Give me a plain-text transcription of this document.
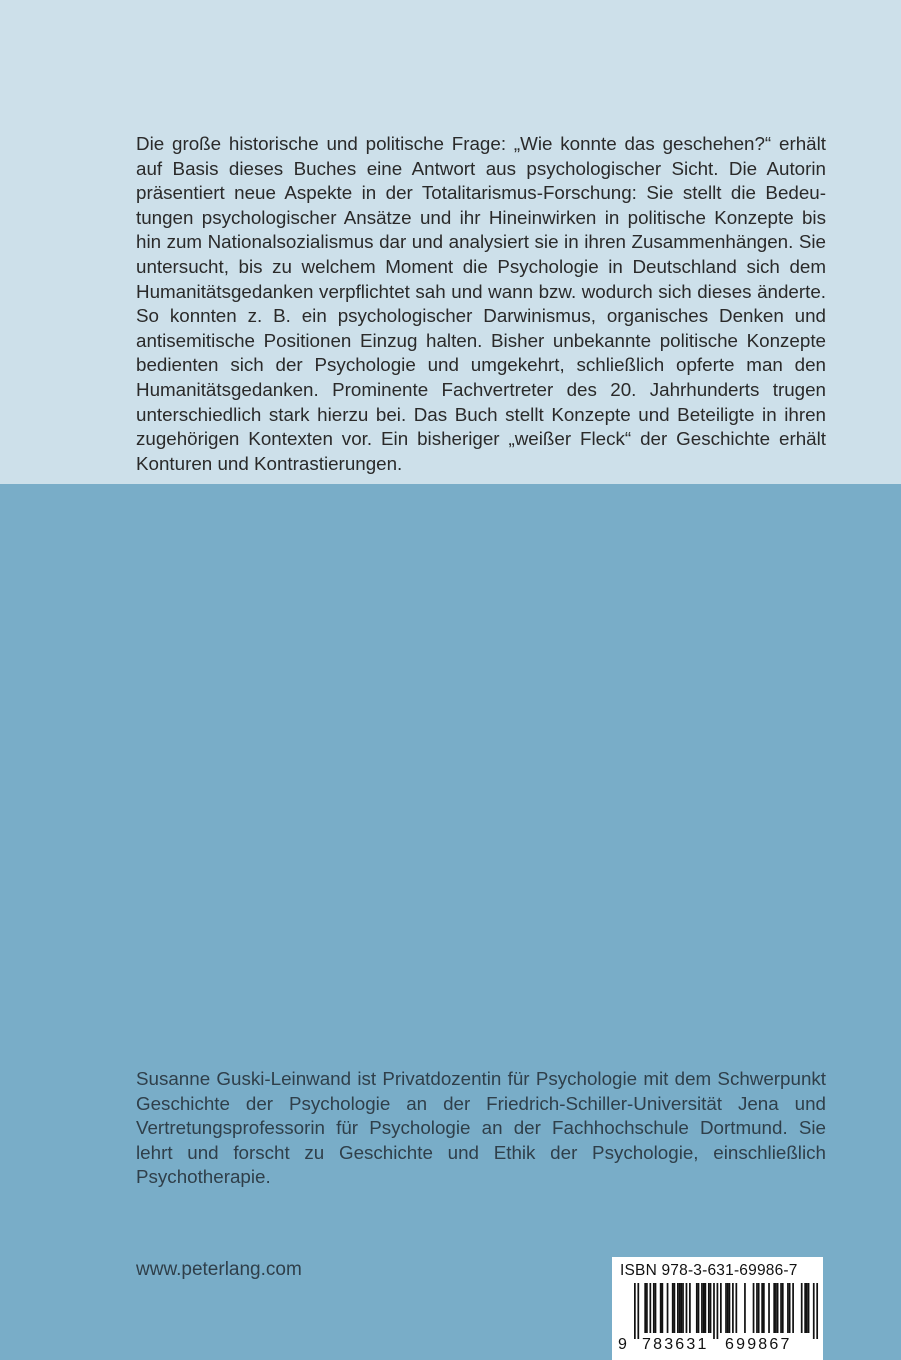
Die große historische und politische Frage: „Wie konnte das geschehen?“ erhält auf Basis dieses Buches eine Antwort aus psychologischer Sicht. Die Autorin präsentiert neue Aspekte in der Totalitarismus-Forschung: Sie stellt die Bedeutungen psychologischer Ansätze und ihr Hineinwirken in politische Konzepte bis hin zum Nationalsozialismus dar und analysiert sie in ihren Zusammenhängen. Sie untersucht, bis zu welchem Moment die Psychologie in Deutschland sich dem Humanitätsgedanken verpflichtet sah und wann bzw. wodurch sich dieses änderte. So konnten z. B. ein psychologischer Darwinismus, organisches Denken und antisemitische Positionen Einzug halten. Bisher unbekannte politische Konzepte bedienten sich der Psychologie und umgekehrt, schließlich opferte man den Humanitätsgedanken. Prominente Fachvertreter des 20. Jahrhunderts trugen unterschiedlich stark hierzu bei. Das Buch stellt Konzepte und Beteiligte in ihren zugehörigen Kontexten vor. Ein bisheriger „weißer Fleck“ der Geschichte erhält Konturen und Kontrastierungen.

Susanne Guski-Leinwand ist Privatdozentin für Psychologie mit dem Schwerpunkt Geschichte der Psychologie an der Friedrich-Schiller-Universität Jena und Vertretungsprofessorin für Psychologie an der Fachhochschule Dortmund. Sie lehrt und forscht zu Geschichte und Ethik der Psychologie, einschließlich Psychotherapie.

www.peterlang.com	ISBN 978-3-631-69986-7
9 783631 699867
